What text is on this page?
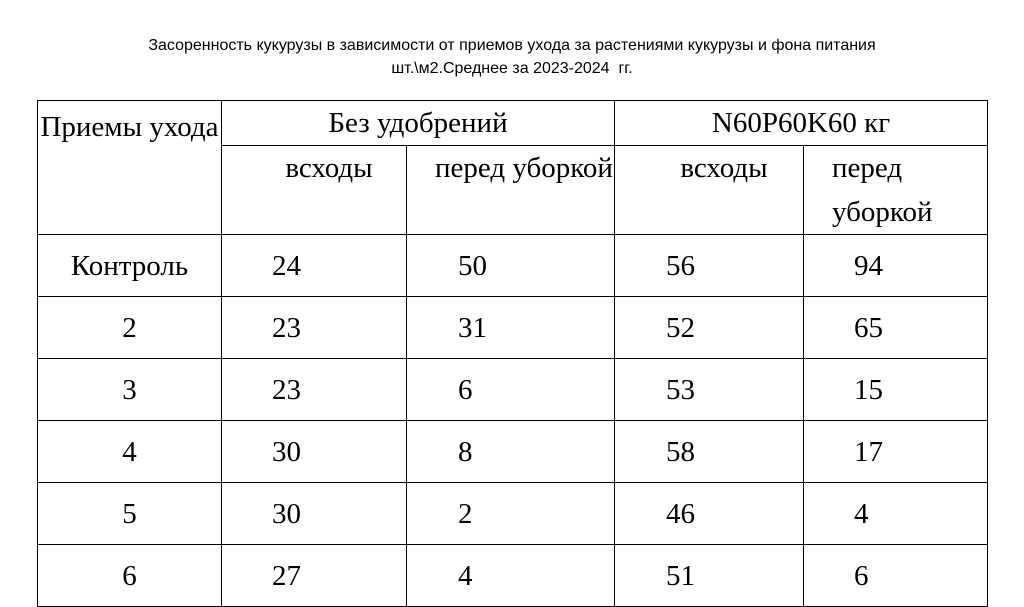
Засоренность кукурузы в зависимости от приемов ухода за растениями кукурузы и фона питания
шт.\м2.Среднее за 2023-2024  гг.
Приемы ухода	Без удобрений		N60P60K60 кг	
	всходы	перед уборкой	всходы	перед уборкой
Контроль	24	50	56	94
2	23	31	52	65
3	23	6	53	15
4	30	8	58	17
5	30	2	46	4
6	27	4	51	6
